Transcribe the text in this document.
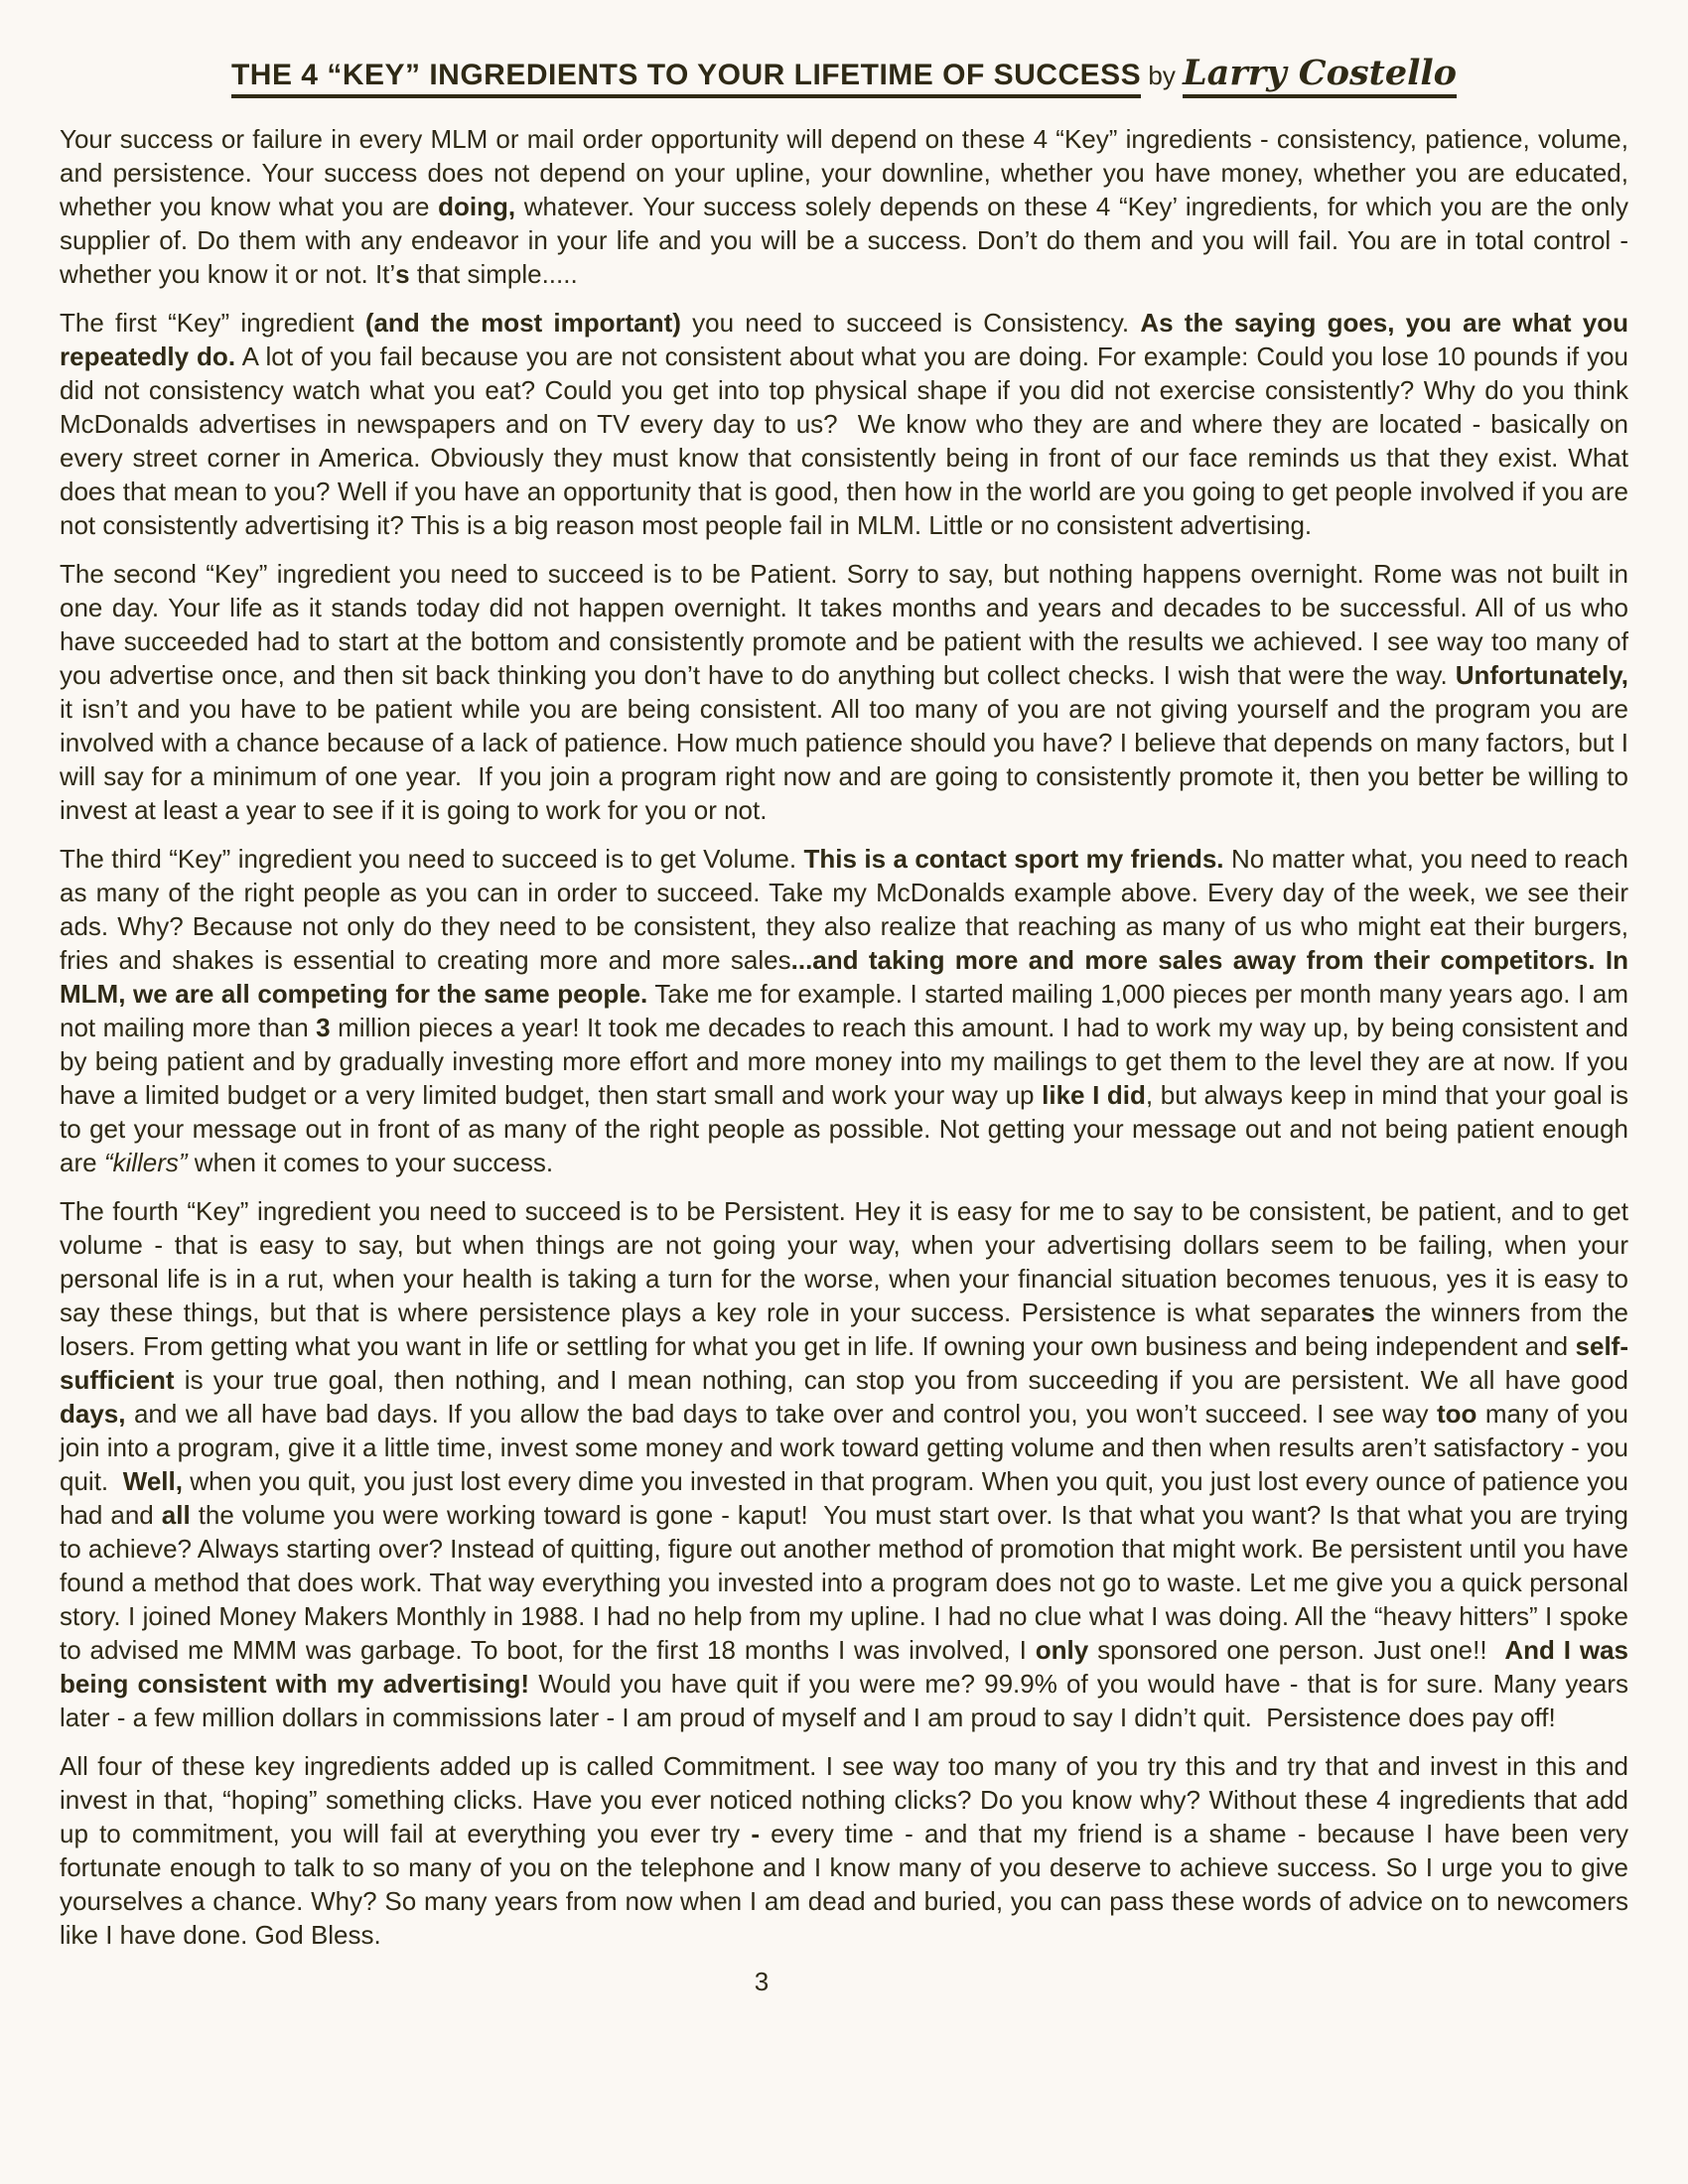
THE 4 “KEY” INGREDIENTS TO YOUR LIFETIME OF SUCCESS by Larry Costello

Your success or failure in every MLM or mail order opportunity will depend on these 4 “Key” ingredients - consistency, patience, volume, and persistence. Your success does not depend on your upline, your downline, whether you have money, whether you are educated, whether you know what you are doing, whatever. Your success solely depends on these 4 “Key’ ingredients, for which you are the only supplier of. Do them with any endeavor in your life and you will be a success. Don’t do them and you will fail. You are in total control - whether you know it or not. It’s that simple.....

The first “Key” ingredient (and the most important) you need to succeed is Consistency. As the saying goes, you are what you repeatedly do. A lot of you fail because you are not consistent about what you are doing. For example: Could you lose 10 pounds if you did not consistency watch what you eat? Could you get into top physical shape if you did not exercise consistently? Why do you think McDonalds advertises in newspapers and on TV every day to us?  We know who they are and where they are located - basically on every street corner in America. Obviously they must know that consistently being in front of our face reminds us that they exist. What does that mean to you? Well if you have an opportunity that is good, then how in the world are you going to get people involved if you are not consistently advertising it? This is a big reason most people fail in MLM. Little or no consistent advertising.

The second “Key” ingredient you need to succeed is to be Patient. Sorry to say, but nothing happens overnight. Rome was not built in one day. Your life as it stands today did not happen overnight. It takes months and years and decades to be successful. All of us who have succeeded had to start at the bottom and consistently promote and be patient with the results we achieved. I see way too many of you advertise once, and then sit back thinking you don’t have to do anything but collect checks. I wish that were the way. Unfortunately, it isn’t and you have to be patient while you are being consistent. All too many of you are not giving yourself and the program you are involved with a chance because of a lack of patience. How much patience should you have? I believe that depends on many factors, but I will say for a minimum of one year.  If you join a program right now and are going to consistently promote it, then you better be willing to invest at least a year to see if it is going to work for you or not.

The third “Key” ingredient you need to succeed is to get Volume. This is a contact sport my friends. No matter what, you need to reach as many of the right people as you can in order to succeed. Take my McDonalds example above. Every day of the week, we see their ads. Why? Because not only do they need to be consistent, they also realize that reaching as many of us who might eat their burgers, fries and shakes is essential to creating more and more sales...and taking more and more sales away from their competitors. In MLM, we are all competing for the same people. Take me for example. I started mailing 1,000 pieces per month many years ago. I am not mailing more than 3 million pieces a year! It took me decades to reach this amount. I had to work my way up, by being consistent and by being patient and by gradually investing more effort and more money into my mailings to get them to the level they are at now. If you have a limited budget or a very limited budget, then start small and work your way up like I did, but always keep in mind that your goal is to get your message out in front of as many of the right people as possible. Not getting your message out and not being patient enough are “killers” when it comes to your success.

The fourth “Key” ingredient you need to succeed is to be Persistent. Hey it is easy for me to say to be consistent, be patient, and to get volume - that is easy to say, but when things are not going your way, when your advertising dollars seem to be failing, when your personal life is in a rut, when your health is taking a turn for the worse, when your financial situation becomes tenuous, yes it is easy to say these things, but that is where persistence plays a key role in your success. Persistence is what separates the winners from the losers. From getting what you want in life or settling for what you get in life. If owning your own business and being independent and self-sufficient is your true goal, then nothing, and I mean nothing, can stop you from succeeding if you are persistent. We all have good days, and we all have bad days. If you allow the bad days to take over and control you, you won’t succeed. I see way too many of you join into a program, give it a little time, invest some money and work toward getting volume and then when results aren’t satisfactory - you quit.  Well, when you quit, you just lost every dime you invested in that program. When you quit, you just lost every ounce of patience you had and all the volume you were working toward is gone - kaput!  You must start over. Is that what you want? Is that what you are trying to achieve? Always starting over? Instead of quitting, figure out another method of promotion that might work. Be persistent until you have found a method that does work. That way everything you invested into a program does not go to waste. Let me give you a quick personal story. I joined Money Makers Monthly in 1988. I had no help from my upline. I had no clue what I was doing. All the “heavy hitters” I spoke to advised me MMM was garbage. To boot, for the first 18 months I was involved, I only sponsored one person. Just one!!  And I was being consistent with my advertising! Would you have quit if you were me? 99.9% of you would have - that is for sure. Many years later - a few million dollars in commissions later - I am proud of myself and I am proud to say I didn’t quit.  Persistence does pay off!

All four of these key ingredients added up is called Commitment. I see way too many of you try this and try that and invest in this and invest in that, “hoping” something clicks. Have you ever noticed nothing clicks? Do you know why? Without these 4 ingredients that add up to commitment, you will fail at everything you ever try - every time - and that my friend is a shame - because I have been very fortunate enough to talk to so many of you on the telephone and I know many of you deserve to achieve success. So I urge you to give yourselves a chance. Why? So many years from now when I am dead and buried, you can pass these words of advice on to newcomers like I have done. God Bless.

3
